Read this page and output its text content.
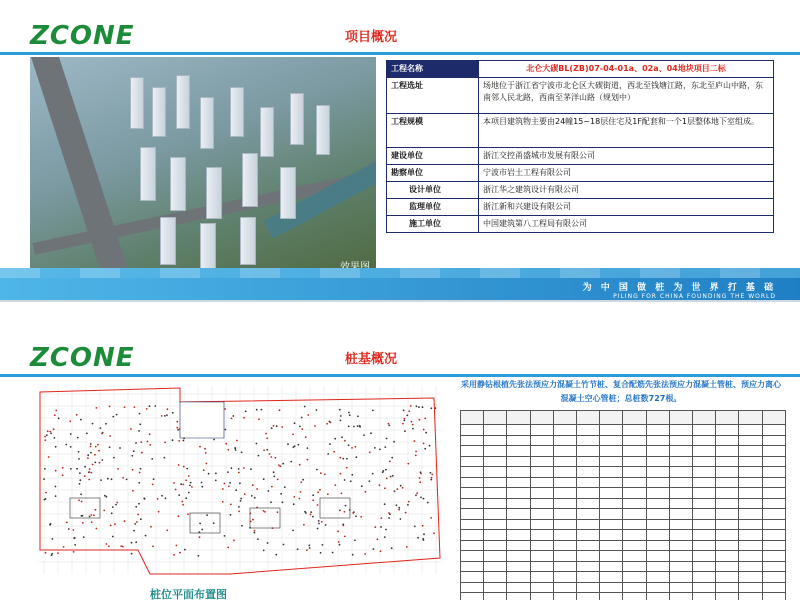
ZCONE	项目概况
工程名称	北仑大碶BL(ZB)07-04-01a、02a、04地块项目二标
工程选址	场地位于浙江省宁波市北仑区大碶街道，西北至钱塘江路，东北至庐山中路，东南邻人民北路，西南至茅洋山路（规划中）
工程规模	本项目建筑物主要由24幢15~18层住宅及1F配套和一个1层整体地下室组成。
建设单位	浙江交控甬盛城市发展有限公司
勘察单位	宁波市岩土工程有限公司
设计单位	浙江华之建筑设计有限公司
监理单位	浙江新和兴建设有限公司
施工单位	中国建筑第八工程局有限公司
为 中 国 做 桩 为 世 界 打 基 础
PILING FOR CHINA FOUNDING THE WORLD
ZCONE	桩基概况
桩位平面布置图
采用静钻根植先张法预应力混凝土竹节桩、复合配筋先张法预应力混凝土管桩、预应力离心混凝土空心管桩；总桩数727根。
